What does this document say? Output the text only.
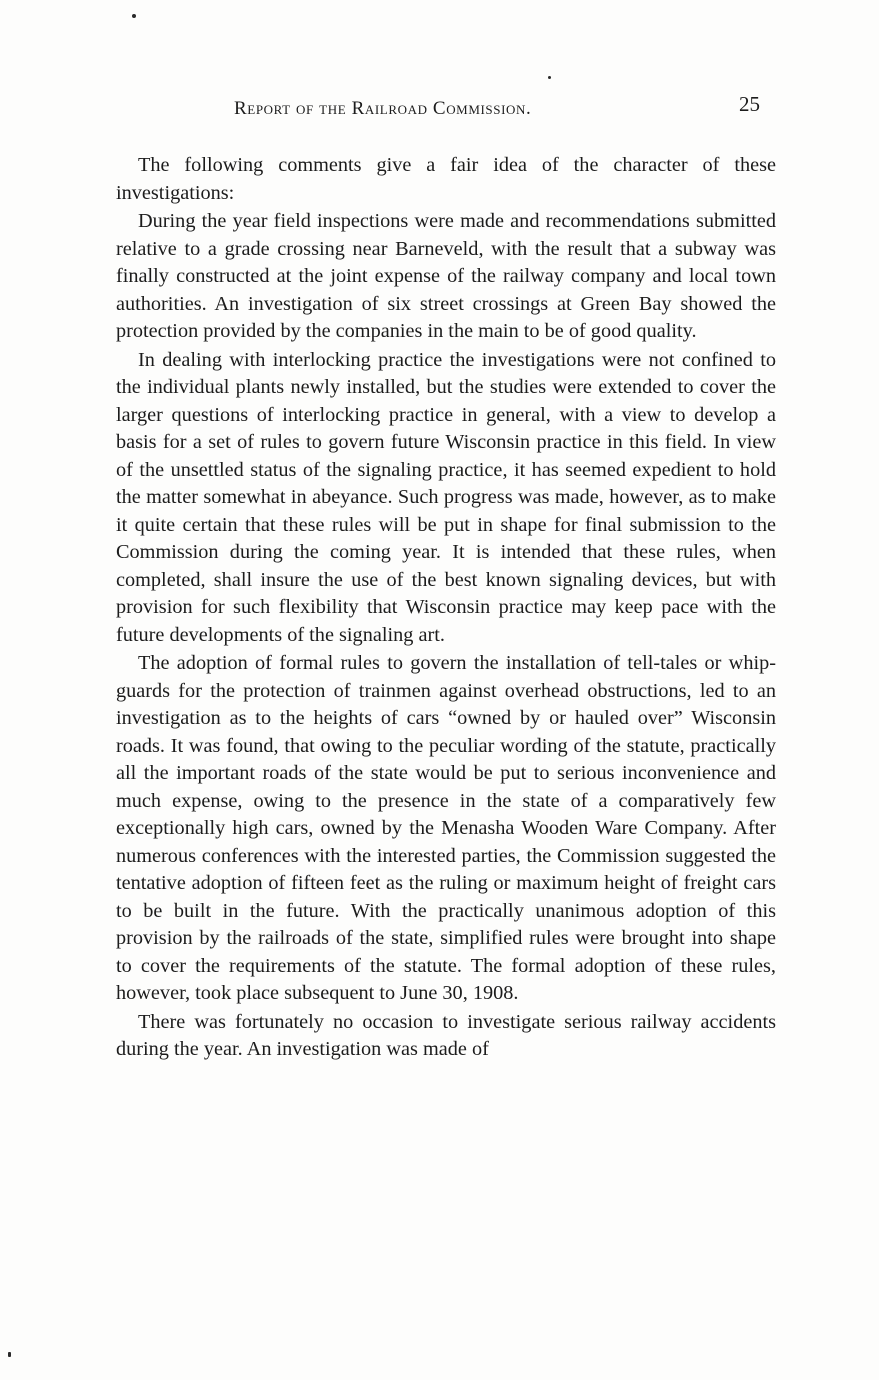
Report of the Railroad Commission.	25

The following comments give a fair idea of the character of these investigations:

During the year field inspections were made and recommendations submitted relative to a grade crossing near Barneveld, with the result that a subway was finally constructed at the joint expense of the railway company and local town authorities. An investigation of six street crossings at Green Bay showed the protection provided by the companies in the main to be of good quality.

In dealing with interlocking practice the investigations were not confined to the individual plants newly installed, but the studies were extended to cover the larger questions of interlocking practice in general, with a view to develop a basis for a set of rules to govern future Wisconsin practice in this field. In view of the unsettled status of the signaling practice, it has seemed expedient to hold the matter somewhat in abeyance. Such progress was made, however, as to make it quite certain that these rules will be put in shape for final submission to the Commission during the coming year. It is intended that these rules, when completed, shall insure the use of the best known signaling devices, but with provision for such flexibility that Wisconsin practice may keep pace with the future developments of the signaling art.

The adoption of formal rules to govern the installation of tell-tales or whip-guards for the protection of trainmen against overhead obstructions, led to an investigation as to the heights of cars “owned by or hauled over” Wisconsin roads. It was found, that owing to the peculiar wording of the statute, practically all the important roads of the state would be put to serious inconvenience and much expense, owing to the presence in the state of a comparatively few exceptionally high cars, owned by the Menasha Wooden Ware Company. After numerous conferences with the interested parties, the Commission suggested the tentative adoption of fifteen feet as the ruling or maximum height of freight cars to be built in the future. With the practically unanimous adoption of this provision by the railroads of the state, simplified rules were brought into shape to cover the requirements of the statute. The formal adoption of these rules, however, took place subsequent to June 30, 1908.

There was fortunately no occasion to investigate serious railway accidents during the year. An investigation was made of
